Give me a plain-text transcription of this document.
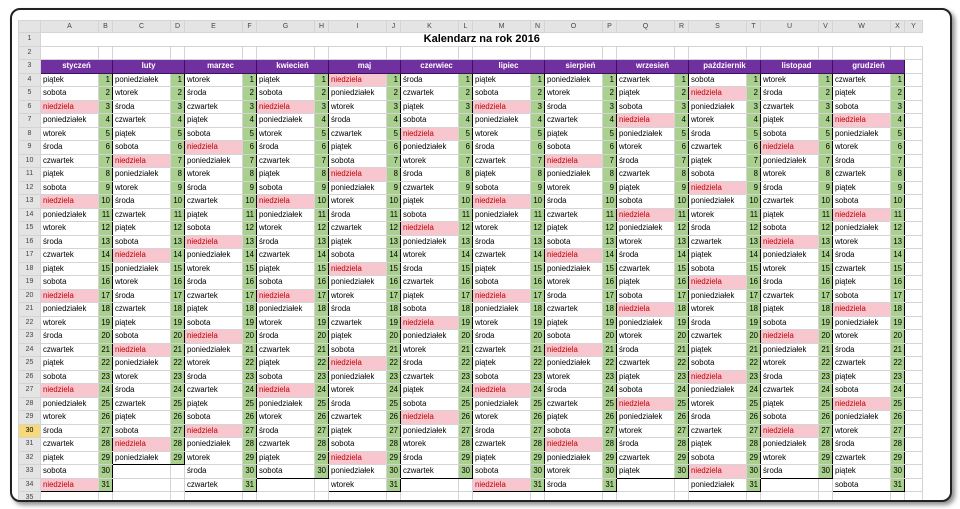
	A	B	C	D	E	F	G	H	I	J	K	L	M	N	O	P	Q	R	S	T	U	V	W	X	Y
1	Kalendarz na rok 2016																								
2																									
3	styczeń		luty		marzec		kwiecień		maj		czerwiec		lipiec		sierpień		wrzesień		październik		listopad		grudzień		
4	piątek	1	poniedziałek	1	wtorek	1	piątek	1	niedziela	1	środa	1	piątek	1	poniedziałek	1	czwartek	1	sobota	1	wtorek	1	czwartek	1	
5	sobota	2	wtorek	2	środa	2	sobota	2	poniedziałek	2	czwartek	2	sobota	2	wtorek	2	piątek	2	niedziela	2	środa	2	piątek	2	
6	niedziela	3	środa	3	czwartek	3	niedziela	3	wtorek	3	piątek	3	niedziela	3	środa	3	sobota	3	poniedziałek	3	czwartek	3	sobota	3	
7	poniedziałek	4	czwartek	4	piątek	4	poniedziałek	4	środa	4	sobota	4	poniedziałek	4	czwartek	4	niedziela	4	wtorek	4	piątek	4	niedziela	4	
8	wtorek	5	piątek	5	sobota	5	wtorek	5	czwartek	5	niedziela	5	wtorek	5	piątek	5	poniedziałek	5	środa	5	sobota	5	poniedziałek	5	
9	środa	6	sobota	6	niedziela	6	środa	6	piątek	6	poniedziałek	6	środa	6	sobota	6	wtorek	6	czwartek	6	niedziela	6	wtorek	6	
10	czwartek	7	niedziela	7	poniedziałek	7	czwartek	7	sobota	7	wtorek	7	czwartek	7	niedziela	7	środa	7	piątek	7	poniedziałek	7	środa	7	
11	piątek	8	poniedziałek	8	wtorek	8	piątek	8	niedziela	8	środa	8	piątek	8	poniedziałek	8	czwartek	8	sobota	8	wtorek	8	czwartek	8	
12	sobota	9	wtorek	9	środa	9	sobota	9	poniedziałek	9	czwartek	9	sobota	9	wtorek	9	piątek	9	niedziela	9	środa	9	piątek	9	
13	niedziela	10	środa	10	czwartek	10	niedziela	10	wtorek	10	piątek	10	niedziela	10	środa	10	sobota	10	poniedziałek	10	czwartek	10	sobota	10	
14	poniedziałek	11	czwartek	11	piątek	11	poniedziałek	11	środa	11	sobota	11	poniedziałek	11	czwartek	11	niedziela	11	wtorek	11	piątek	11	niedziela	11	
15	wtorek	12	piątek	12	sobota	12	wtorek	12	czwartek	12	niedziela	12	wtorek	12	piątek	12	poniedziałek	12	środa	12	sobota	12	poniedziałek	12	
16	środa	13	sobota	13	niedziela	13	środa	13	piątek	13	poniedziałek	13	środa	13	sobota	13	wtorek	13	czwartek	13	niedziela	13	wtorek	13	
17	czwartek	14	niedziela	14	poniedziałek	14	czwartek	14	sobota	14	wtorek	14	czwartek	14	niedziela	14	środa	14	piątek	14	poniedziałek	14	środa	14	
18	piątek	15	poniedziałek	15	wtorek	15	piątek	15	niedziela	15	środa	15	piątek	15	poniedziałek	15	czwartek	15	sobota	15	wtorek	15	czwartek	15	
19	sobota	16	wtorek	16	środa	16	sobota	16	poniedziałek	16	czwartek	16	sobota	16	wtorek	16	piątek	16	niedziela	16	środa	16	piątek	16	
20	niedziela	17	środa	17	czwartek	17	niedziela	17	wtorek	17	piątek	17	niedziela	17	środa	17	sobota	17	poniedziałek	17	czwartek	17	sobota	17	
21	poniedziałek	18	czwartek	18	piątek	18	poniedziałek	18	środa	18	sobota	18	poniedziałek	18	czwartek	18	niedziela	18	wtorek	18	piątek	18	niedziela	18	
22	wtorek	19	piątek	19	sobota	19	wtorek	19	czwartek	19	niedziela	19	wtorek	19	piątek	19	poniedziałek	19	środa	19	sobota	19	poniedziałek	19	
23	środa	20	sobota	20	niedziela	20	środa	20	piątek	20	poniedziałek	20	środa	20	sobota	20	wtorek	20	czwartek	20	niedziela	20	wtorek	20	
24	czwartek	21	niedziela	21	poniedziałek	21	czwartek	21	sobota	21	wtorek	21	czwartek	21	niedziela	21	środa	21	piątek	21	poniedziałek	21	środa	21	
25	piątek	22	poniedziałek	22	wtorek	22	piątek	22	niedziela	22	środa	22	piątek	22	poniedziałek	22	czwartek	22	sobota	22	wtorek	22	czwartek	22	
26	sobota	23	wtorek	23	środa	23	sobota	23	poniedziałek	23	czwartek	23	sobota	23	wtorek	23	piątek	23	niedziela	23	środa	23	piątek	23	
27	niedziela	24	środa	24	czwartek	24	niedziela	24	wtorek	24	piątek	24	niedziela	24	środa	24	sobota	24	poniedziałek	24	czwartek	24	sobota	24	
28	poniedziałek	25	czwartek	25	piątek	25	poniedziałek	25	środa	25	sobota	25	poniedziałek	25	czwartek	25	niedziela	25	wtorek	25	piątek	25	niedziela	25	
29	wtorek	26	piątek	26	sobota	26	wtorek	26	czwartek	26	niedziela	26	wtorek	26	piątek	26	poniedziałek	26	środa	26	sobota	26	poniedziałek	26	
30	środa	27	sobota	27	niedziela	27	środa	27	piątek	27	poniedziałek	27	środa	27	sobota	27	wtorek	27	czwartek	27	niedziela	27	wtorek	27	
31	czwartek	28	niedziela	28	poniedziałek	28	czwartek	28	sobota	28	wtorek	28	czwartek	28	niedziela	28	środa	28	piątek	28	poniedziałek	28	środa	28	
32	piątek	29	poniedziałek	29	wtorek	29	piątek	29	niedziela	29	środa	29	piątek	29	poniedziałek	29	czwartek	29	sobota	29	wtorek	29	czwartek	29	
33	sobota	30			środa	30	sobota	30	poniedziałek	30	czwartek	30	sobota	30	wtorek	30	piątek	30	niedziela	30	środa	30	piątek	30	
34	niedziela	31			czwartek	31			wtorek	31			niedziela	31	środa	31			poniedziałek	31			sobota	31	
35																									
